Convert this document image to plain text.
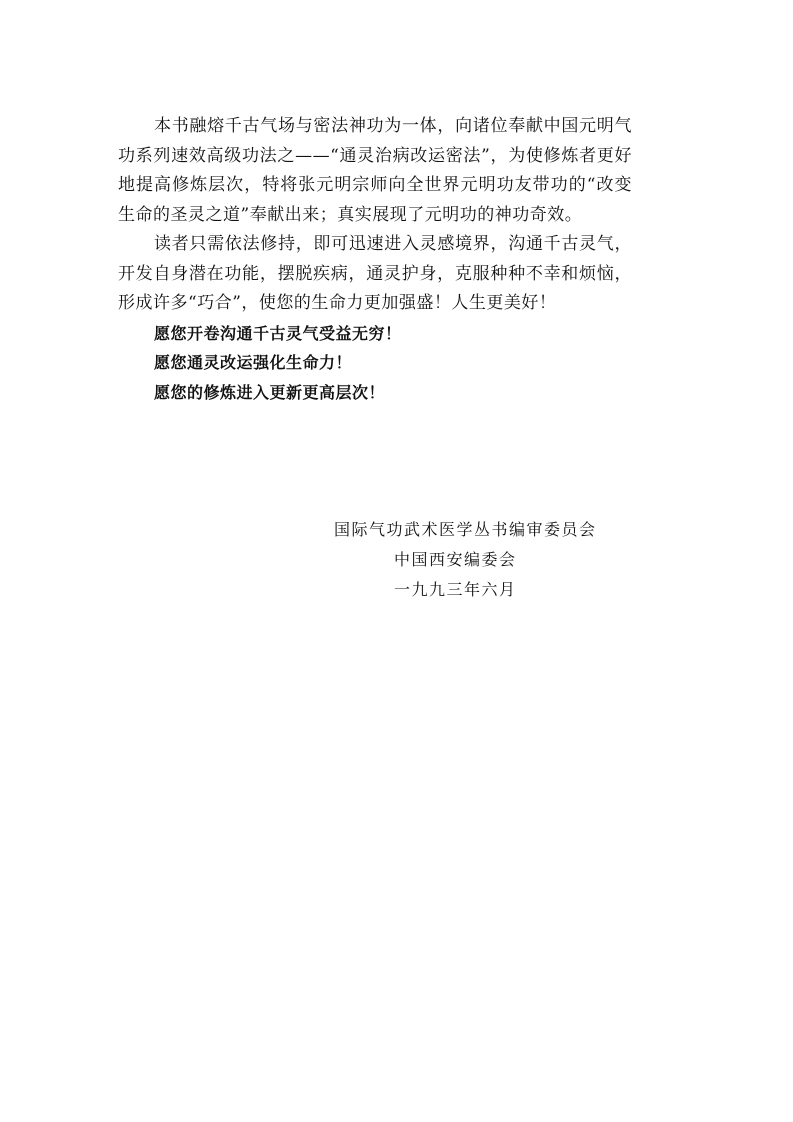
本书融熔千古气场与密法神功为一体，向诸位奉献中国元明气功系列速效高级功法之——“通灵治病改运密法”，为使修炼者更好地提高修炼层次，特将张元明宗师向全世界元明功友带功的“改变生命的圣灵之道”奉献出来；真实展现了元明功的神功奇效。

读者只需依法修持，即可迅速进入灵感境界，沟通千古灵气，开发自身潜在功能，摆脱疾病，通灵护身，克服种种不幸和烦恼，形成许多“巧合”，使您的生命力更加强盛！人生更美好！

愿您开卷沟通千古灵气受益无穷！
愿您通灵改运强化生命力！
愿您的修炼进入更新更高层次！
国际气功武术医学丛书编审委员会
中国西安编委会
一九九三年六月
